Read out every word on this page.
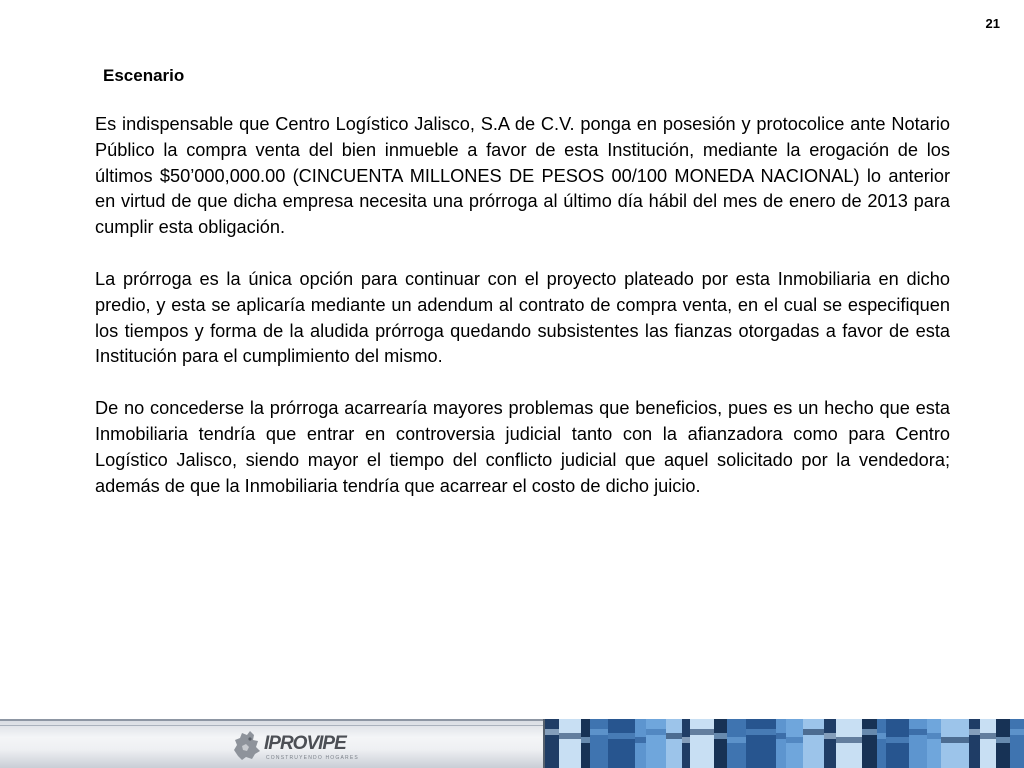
21
Escenario

Es indispensable que Centro Logístico Jalisco, S.A de C.V. ponga en posesión y protocolice ante Notario Público la compra venta del bien inmueble a favor de esta Institución, mediante la erogación de los últimos $50’000,000.00 (CINCUENTA MILLONES DE PESOS 00/100 MONEDA NACIONAL) lo anterior en virtud de que dicha empresa necesita una prórroga al último día hábil del mes de enero de 2013 para cumplir esta obligación.

La prórroga es la única opción para continuar con el proyecto plateado por esta Inmobiliaria en dicho predio, y esta se aplicaría mediante un adendum al contrato de compra venta, en el cual se especifiquen los tiempos y forma de la aludida prórroga quedando subsistentes las fianzas otorgadas a favor de esta Institución para el cumplimiento del mismo.

De no concederse la prórroga acarrearía mayores problemas que beneficios, pues es un hecho que esta Inmobiliaria tendría que entrar en controversia judicial tanto con la afianzadora como para Centro Logístico Jalisco, siendo mayor el tiempo del conflicto judicial que aquel solicitado por la vendedora; además de que la Inmobiliaria tendría que acarrear el costo de dicho juicio.

IPROVIPE
CONSTRUYENDO HOGARES
